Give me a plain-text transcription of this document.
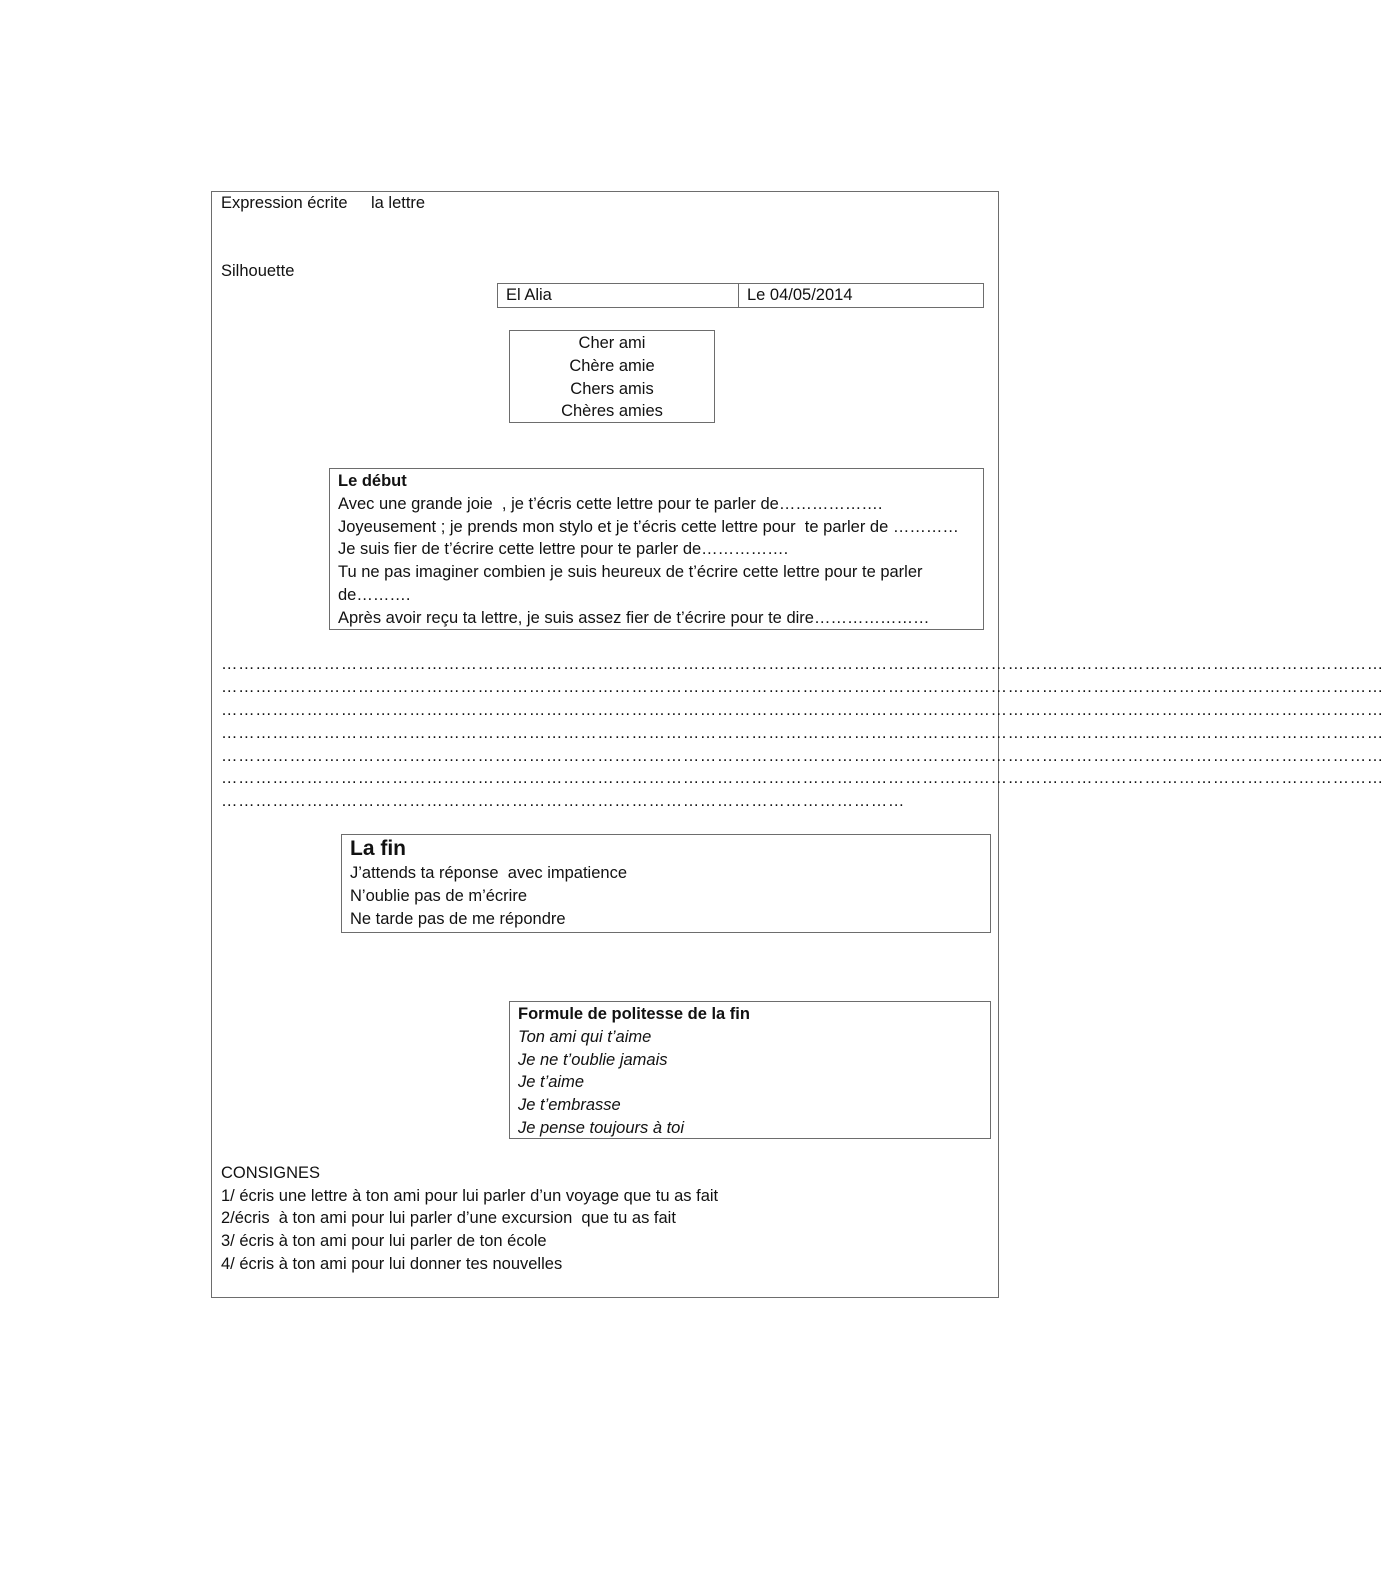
Expression écrite la lettre
Silhouette
El Alia	Le 04/05/2014
Cher ami
Chère amie
Chers amis
Chères amies
Le début
Avec une grande joie  , je t’écris cette lettre pour te parler de……………….
Joyeusement ; je prends mon stylo et je t’écris cette lettre pour  te parler de …………
Je suis fier de t’écrire cette lettre pour te parler de…………….
Tu ne pas imaginer combien je suis heureux de t’écrire cette lettre pour te parler
de……….
Après avoir reçu ta lettre, je suis assez fier de t’écrire pour te dire…………………
……………………………………………………………………………………………………………………………………………………………………………………
……………………………………………………………………………………………………………………………………………………………………………………
……………………………………………………………………………………………………………………………………………………………………………………
……………………………………………………………………………………………………………………………………………………………………………………
……………………………………………………………………………………………………………………………………………………………………………………
……………………………………………………………………………………………………………………………………………………………………………………
…………………………………………………………………………………………………………
La fin
J’attends ta réponse  avec impatience
N’oublie pas de m’écrire
Ne tarde pas de me répondre
Formule de politesse de la fin
Ton ami qui t’aime
Je ne t’oublie jamais
Je t’aime
Je t’embrasse
Je pense toujours à toi
CONSIGNES
1/ écris une lettre à ton ami pour lui parler d’un voyage que tu as fait
2/écris  à ton ami pour lui parler d’une excursion  que tu as fait
3/ écris à ton ami pour lui parler de ton école
4/ écris à ton ami pour lui donner tes nouvelles
